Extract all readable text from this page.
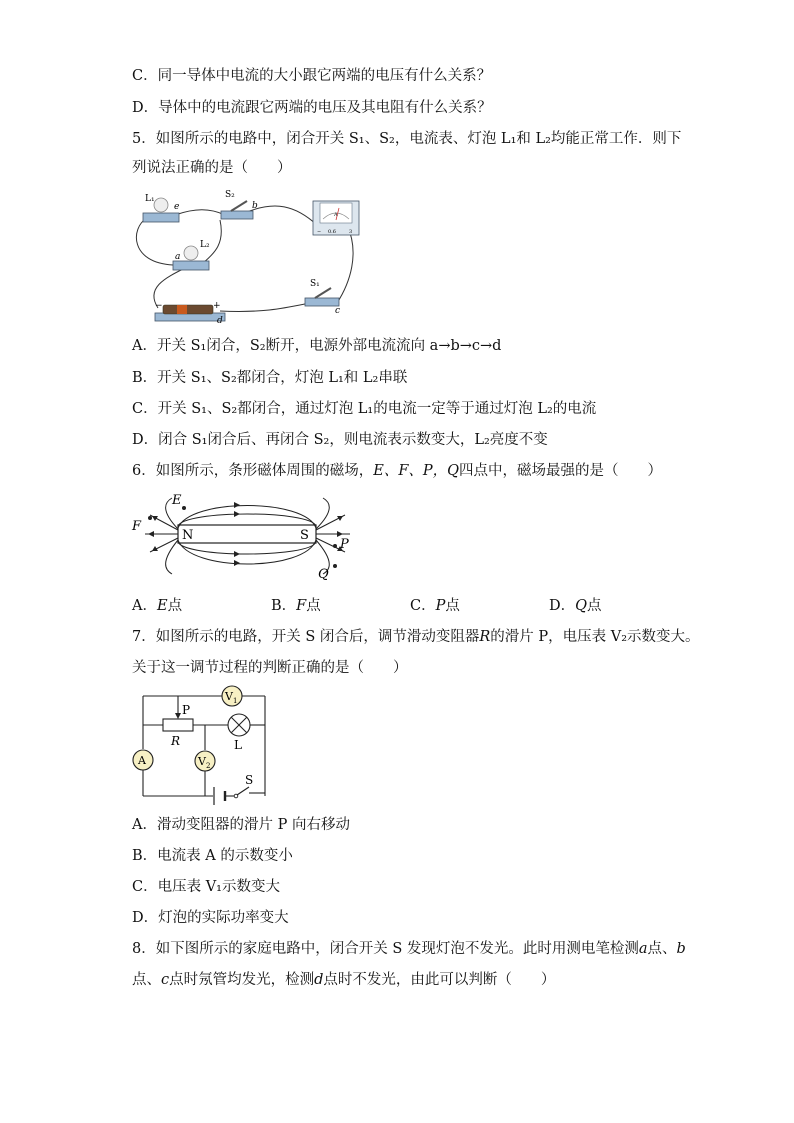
C．同一导体中电流的大小跟它两端的电压有什么关系？
D．导体中的电流跟它两端的电压及其电阻有什么关系？
5．如图所示的电路中，闭合开关 S₁、S₂，电流表、灯泡 L₁和 L₂均能正常工作．则下
列说法正确的是（　　）
L₁
e
S₂
b
A
− 0.6	3
L₂
a
S₁
c
−	+
d
A．开关 S₁闭合，S₂断开，电源外部电流流向 a→b→c→d
B．开关 S₁、S₂都闭合，灯泡 L₁和 L₂串联
C．开关 S₁、S₂都闭合，通过灯泡 L₁的电流一定等于通过灯泡 L₂的电流
D．闭合 S₁闭合后、再闭合 S₂，则电流表示数变大，L₂亮度不变
6．如图所示，条形磁体周围的磁场，E、F、P，Q四点中，磁场最强的是（　　）
N	S
E
F
P
Q
A．E点	B．F点	C．P点	D．Q点
7．如图所示的电路，开关 S 闭合后，调节滑动变阻器R的滑片 P，电压表 V₂示数变大。
关于这一调节过程的判断正确的是（　　）
P
R	L
V 1
A	V 2
S
A．滑动变阻器的滑片 P 向右移动
B．电流表 A 的示数变小
C．电压表 V₁示数变大
D．灯泡的实际功率变大
8．如下图所示的家庭电路中，闭合开关 S 发现灯泡不发光。此时用测电笔检测a点、b
点、c点时氖管均发光，检测d点时不发光，由此可以判断（　　）
